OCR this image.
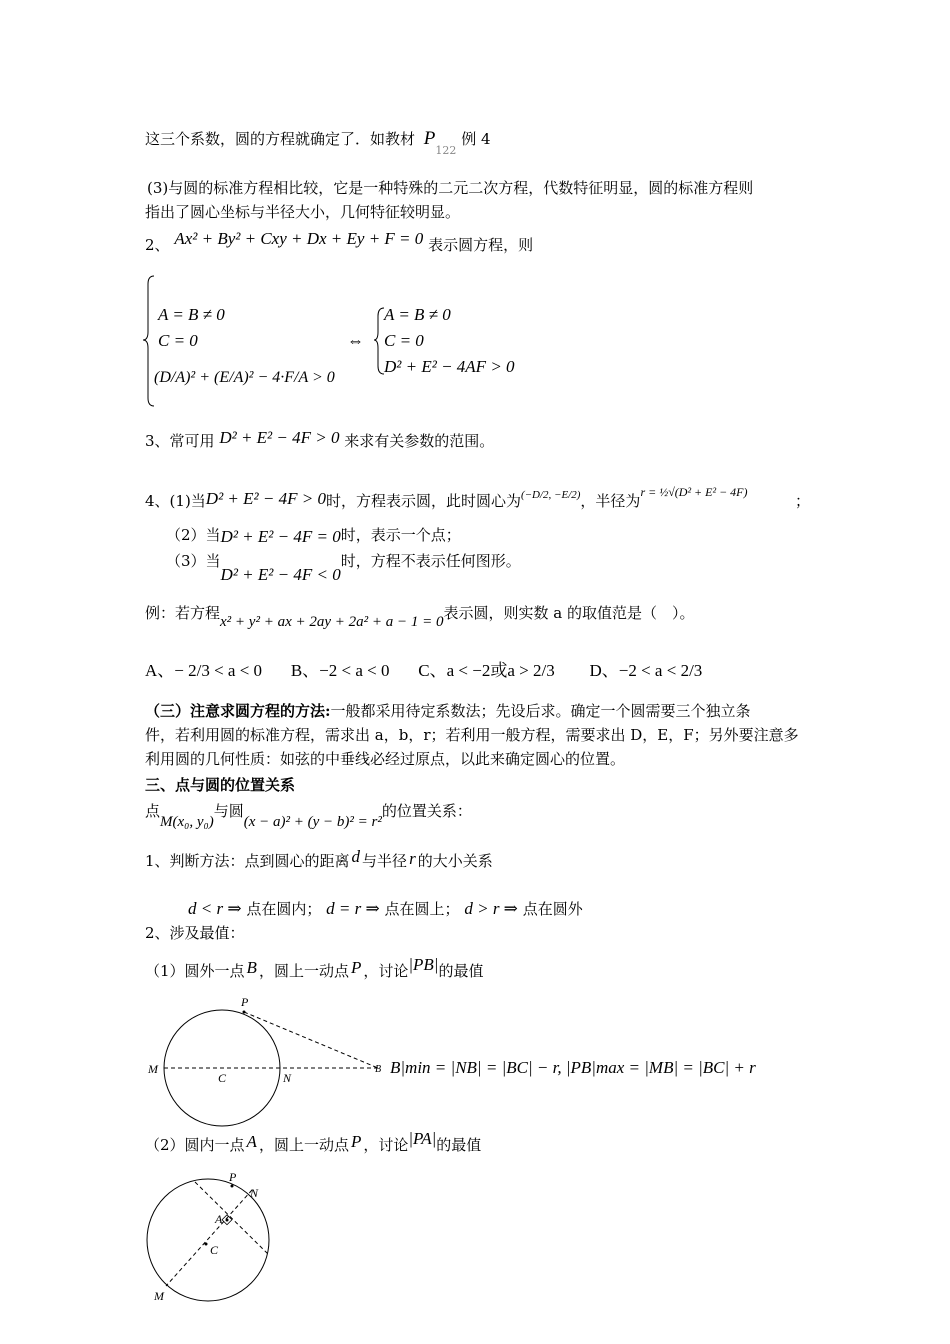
这三个系数，圆的方程就确定了．如教材 $P_{122}$ 例 4
(3)与圆的标准方程相比较，它是一种特殊的二元二次方程，代数特征明显，圆的标准方程则
指出了圆心坐标与半径大小，几何特征较明显。
2、 Ax² + By² + Cxy + Dx + Ey + F = 0 表示圆方程，则
A = B ≠ 0
C = 0
(D/A)² + (E/A)² − 4·F/A > 0
⇔
A = B ≠ 0
C = 0
D² + E² − 4AF > 0
3、常可用 D² + E² − 4F > 0 来求有关参数的范围。
4、(1)当D² + E² − 4F > 0时，方程表示圆，此时圆心为$^{(-D/2, -E/2)}$，半径为$^{r = \frac{1}{2}√(D^2 + E^2 - 4F)}$	；
（2）当D² + E² − 4F = 0时，表示一个点；
（3）当D² + E² − 4F < 0时，方程不表示任何图形。
例：若方程x² + y² + ax + 2ay + 2a² + a − 1 = 0表示圆，则实数 a 的取值范是（　）。
A、− 2/3 < a < 0 B、−2 < a < 0 C、a < −2或a > 2/3 D、−2 < a < 2/3
（三）注意求圆方程的方法:一般都采用待定系数法；先设后求。确定一个圆需要三个独立条
件，若利用圆的标准方程，需求出 a，b，r；若利用一般方程，需要求出 D，E，F；另外要注意多
利用圆的几何性质：如弦的中垂线必经过原点，以此来确定圆心的位置。
三、点与圆的位置关系
点M(x₀, y₀)与圆(x − a)² + (y − b)² = r²的位置关系：
1、判断方法：点到圆心的距离 d 与半径 r 的大小关系
d < r ⇒ 点在圆内； d = r ⇒ 点在圆上； d > r ⇒ 点在圆外
2、涉及最值：
（1）圆外一点 B ，圆上一动点 P ，讨论|PB|的最值
P
M
C	N
B B|min = |NB| = |BC| − r, |PB|max = |MB| = |BC| + r
（2）圆内一点 A ，圆上一动点 P ，讨论|PA|的最值
P
N
A
C
M
